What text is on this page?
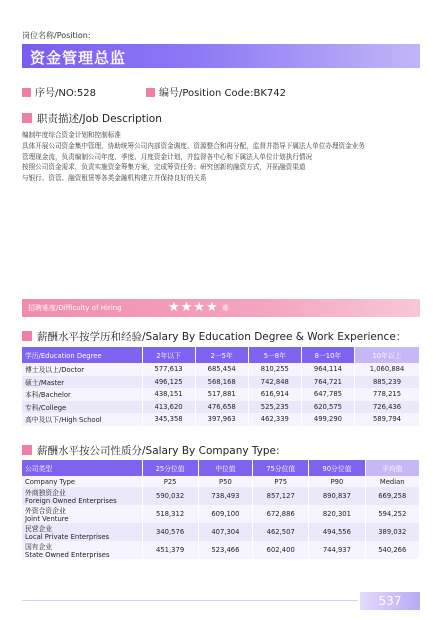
岗位名称/Position:
资金管理总监
序号/NO:528	编号/Position Code:BK742
职责描述/Job Description
编制年度综合资金计划和控制标准
具体开展公司资金集中管理，协助统筹公司内部资金调度、资源整合和再分配，监督并指导下属法人单位办理资金业务
管理现金流，负责编制公司年度、季度、月度资金计划，并监督各中心和下属法人单位计划执行情况
按照公司资金需求，负责实施资金筹集方案，完成筹资任务；研究创新的融资方式，开拓融资渠道
与银行、资管、融资租赁等各类金融机构建立并保持良好的关系
招聘难度/Difficulty of Hiring	★★★★ 难
薪酬水平按学历和经验/Salary By Education Degree & Work Experience：
学历/Education Degree	2年以下	2一5年	5一8年	8一10年	10年以上
博士及以上/Doctor	577,613	685,454	810,255	964,114	1,060,884
硕士/Master	496,125	568,168	742,848	764,721	885,239
本科/Bachelor	438,151	517,881	616,914	647,785	778,215
专科/College	413,620	476,658	525,235	620,575	726,436
高中及以下/High School	345,358	397,963	462,339	499,290	589,794
薪酬水平按公司性质分/Salary By Company Type:
公司类型	25分位值	中位值	75分位值	90分位值	平均值
Company Type	P25	P50	P75	P90	Median

外商独资企业
Foreign Owned Enterprises	590,032	738,493	857,127	890,837	669,258

外资合资企业
Joint Venture	518,312	609,100	672,886	820,301	594,252

民营企业
Local Private Enterprises	340,576	407,304	462,507	494,556	389,032

国有企业
State Owned Enterprises	451,379	523,466	602,400	744,937	540,266
537
